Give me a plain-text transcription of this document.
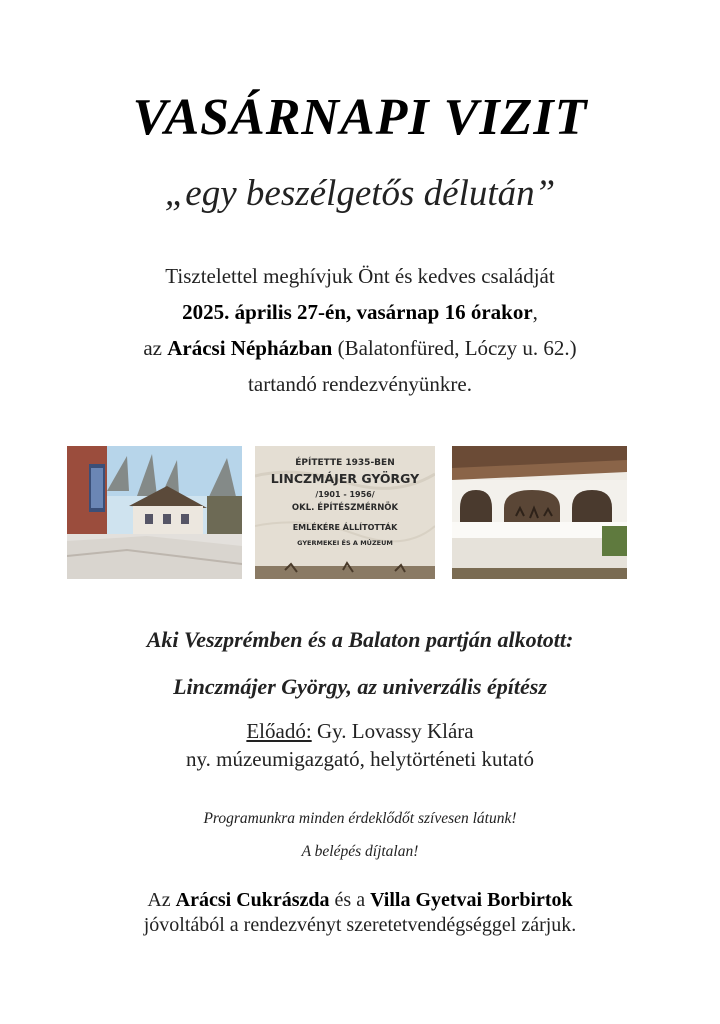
VASÁRNAPI VIZIT
„egy beszélgetős délután”
Tisztelettel meghívjuk Önt és kedves családját
2025. április 27-én, vasárnap 16 órakor,
az Arácsi Népházban (Balatonfüred, Lóczy u. 62.)
tartandó rendezvényünkre.
ÉPÍTETTE 1935-BEN
LINCZMÁJER GYÖRGY
/1901 - 1956/
OKL. ÉPÍTÉSZMÉRNÖK
EMLÉKÉRE ÁLLÍTOTTÁK
GYERMEKEI ÉS A MÚZEUM
Aki Veszprémben és a Balaton partján alkotott:
Linczmájer György, az univerzális építész
Előadó: Gy. Lovassy Klára
ny. múzeumigazgató, helytörténeti kutató
Programunkra minden érdeklődőt szívesen látunk!
A belépés díjtalan!
Az Arácsi Cukrászda és a Villa Gyetvai Borbirtok
jóvoltából a rendezvényt szeretetvendégséggel zárjuk.
